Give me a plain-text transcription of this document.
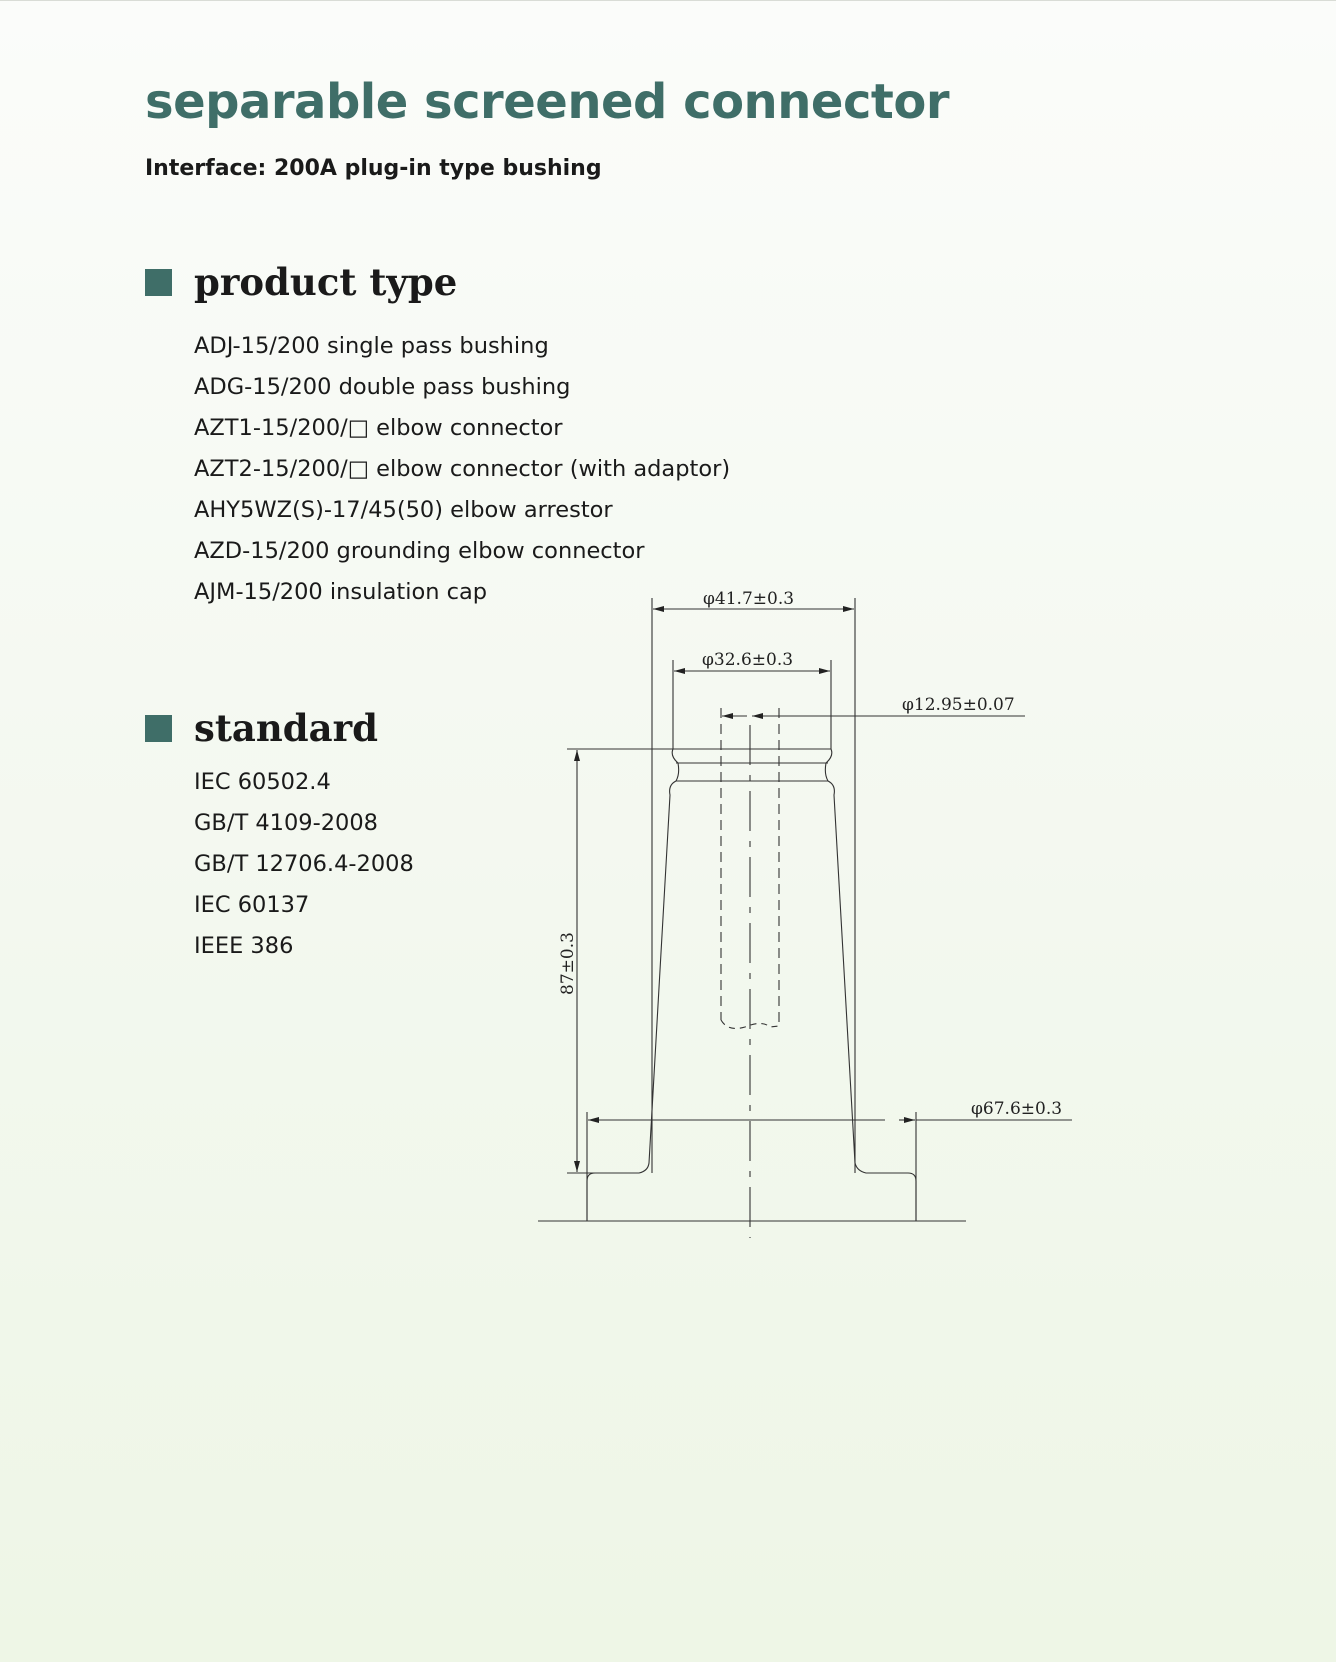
separable screened connector

Interface: 200A plug-in type bushing

product type
ADJ-15/200 single pass bushing
ADG-15/200 double pass bushing
AZT1-15/200/□ elbow connector
AZT2-15/200/□ elbow connector (with adaptor)
AHY5WZ(S)-17/45(50) elbow arrestor
AZD-15/200 grounding elbow connector
AJM-15/200 insulation cap
standard
IEC 60502.4
GB/T 4109-2008
GB/T 12706.4-2008
IEC 60137
IEEE 386
φ41.7±0.3
φ32.6±0.3
φ12.95±0.07
87±0.3
φ67.6±0.3
